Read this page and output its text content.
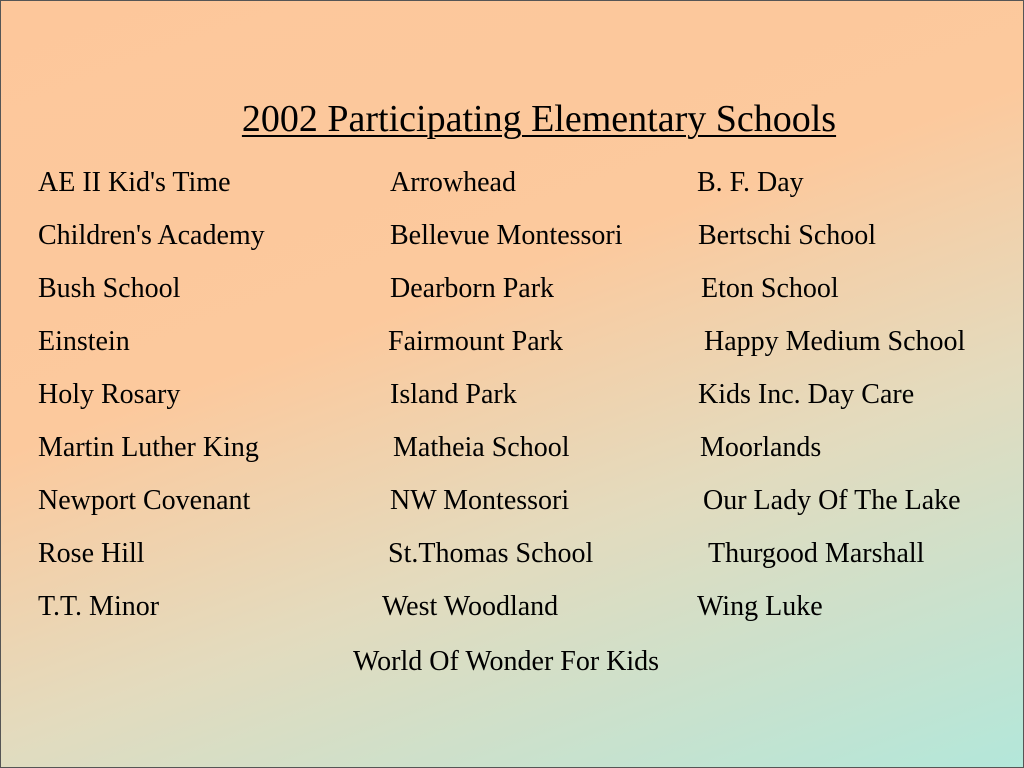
2002 Participating Elementary Schools
AE II Kid's Time	Arrowhead	B. F. Day
Children's Academy	Bellevue Montessori	Bertschi School
Bush School	Dearborn Park	Eton School
Einstein	Fairmount Park	Happy Medium School
Holy Rosary	Island Park	Kids Inc. Day Care
Martin Luther King	Matheia School	Moorlands
Newport Covenant	NW Montessori	Our Lady Of The Lake
Rose Hill	St.Thomas School	Thurgood Marshall
T.T. Minor	West Woodland	Wing Luke
World Of Wonder For Kids
